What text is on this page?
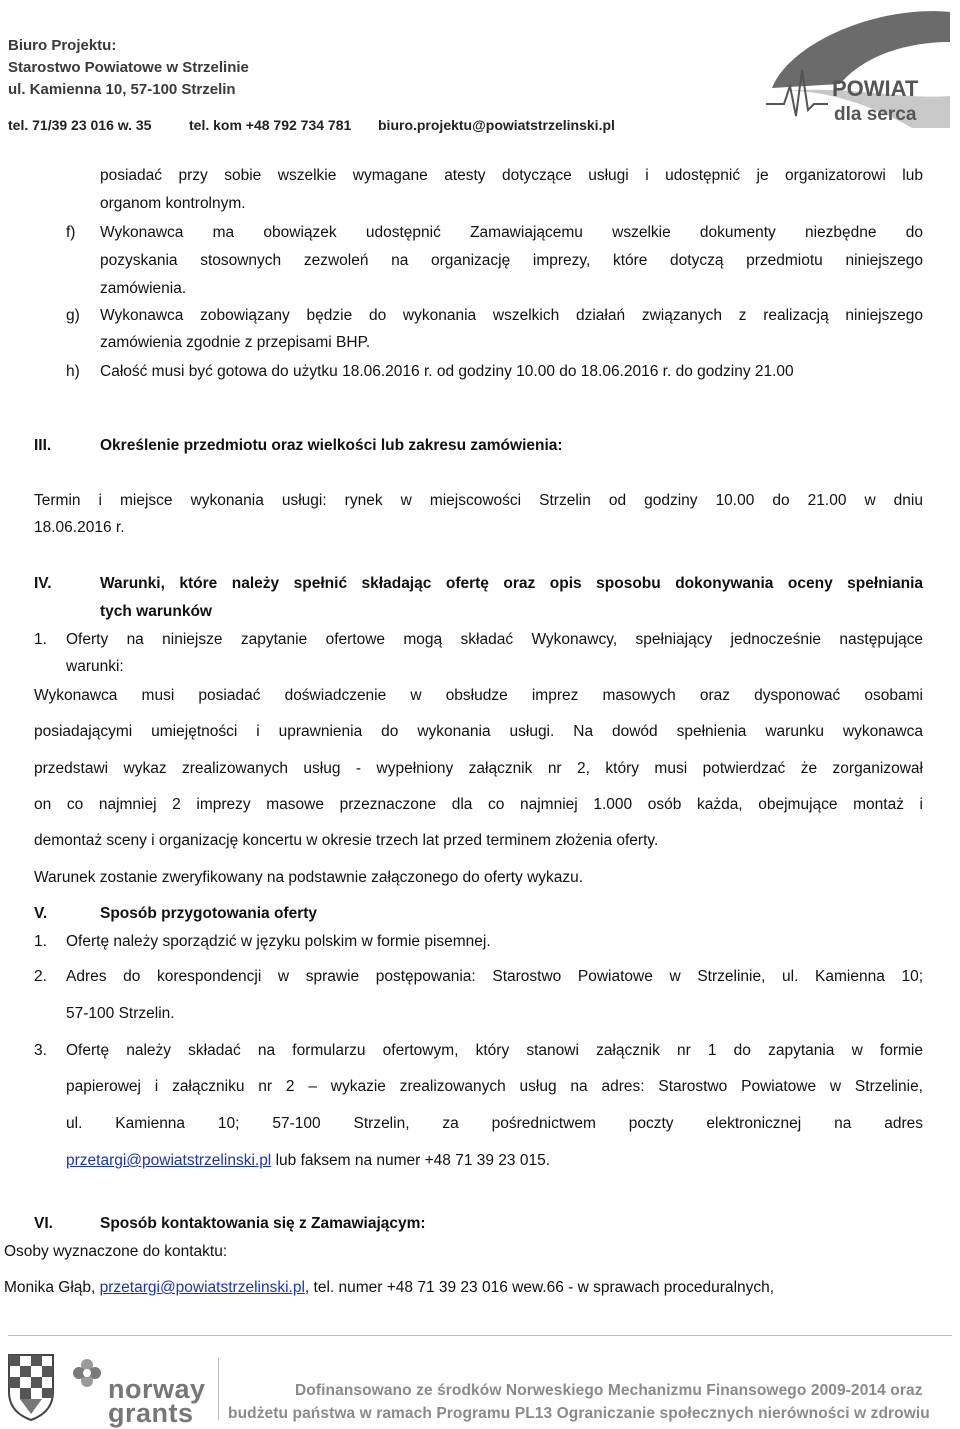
Biuro Projektu:
Starostwo Powiatowe w Strzelinie
ul. Kamienna 10, 57-100 Strzelin
tel. 71/39 23 016 w. 35	tel. kom +48 792 734 781 biuro.projektu@powiatstrzelinski.pl
POWIAT
dla serca
posiadać przy sobie wszelkie wymagane atesty dotyczące usługi i udostępnić je organizatorowi lub
organom kontrolnym.
f) Wykonawca ma obowiązek udostępnić Zamawiającemu wszelkie dokumenty niezbędne do
pozyskania stosownych zezwoleń na organizację imprezy, które dotyczą przedmiotu niniejszego
zamówienia.
g) Wykonawca zobowiązany będzie do wykonania wszelkich działań związanych z realizacją niniejszego
zamówienia zgodnie z przepisami BHP.
h) Całość musi być gotowa do użytku 18.06.2016 r. od godziny 10.00 do 18.06.2016 r. do godziny 21.00
III.	Określenie przedmiotu oraz wielkości lub zakresu zamówienia:
Termin i miejsce wykonania usługi: rynek w miejscowości Strzelin od godziny 10.00 do 21.00 w dniu
18.06.2016 r.
IV.	Warunki, które należy spełnić składając ofertę oraz opis sposobu dokonywania oceny spełniania
tych warunków
1. Oferty na niniejsze zapytanie ofertowe mogą składać Wykonawcy, spełniający jednocześnie następujące
warunki:
Wykonawca musi posiadać doświadczenie w obsłudze imprez masowych oraz dysponować osobami
posiadającymi umiejętności i uprawnienia do wykonania usługi. Na dowód spełnienia warunku wykonawca
przedstawi wykaz zrealizowanych usług - wypełniony załącznik nr 2, który musi potwierdzać że zorganizował
on co najmniej 2 imprezy masowe przeznaczone dla co najmniej 1.000 osób każda, obejmujące montaż i
demontaż sceny i organizację koncertu w okresie trzech lat przed terminem złożenia oferty.
Warunek zostanie zweryfikowany na podstawnie załączonego do oferty wykazu.
V.	Sposób przygotowania oferty
1. Ofertę należy sporządzić w języku polskim w formie pisemnej.
2. Adres do korespondencji w sprawie postępowania: Starostwo Powiatowe w Strzelinie, ul. Kamienna 10;
57-100 Strzelin.
3. Ofertę należy składać na formularzu ofertowym, który stanowi załącznik nr 1 do zapytania w formie
papierowej i załączniku nr 2 – wykazie zrealizowanych usług na adres: Starostwo Powiatowe w Strzelinie,
ul. Kamienna 10; 57-100 Strzelin, za pośrednictwem poczty elektronicznej na adres
przetargi@powiatstrzelinski.pl lub faksem na numer +48 71 39 23 015.
VI.	Sposób kontaktowania się z Zamawiającym:
Osoby wyznaczone do kontaktu:
Monika Głąb, przetargi@powiatstrzelinski.pl, tel. numer +48 71 39 23 016 wew.66 - w sprawach proceduralnych,
norway
grants
Dofinansowano ze środków Norweskiego Mechanizmu Finansowego 2009-2014 oraz
budżetu państwa w ramach Programu PL13 Ograniczanie społecznych nierówności w zdrowiu
